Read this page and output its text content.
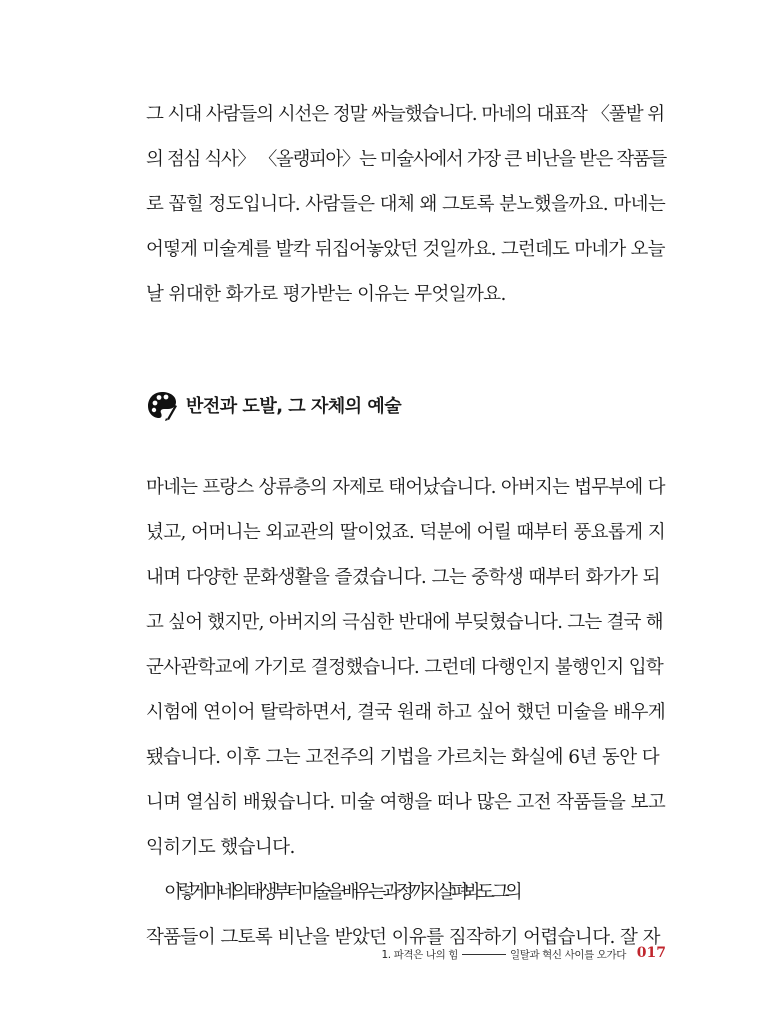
그 시대 사람들의 시선은 정말 싸늘했습니다. 마네의 대표작 〈풀밭 위
의 점심 식사〉 〈올랭피아〉는 미술사에서 가장 큰 비난을 받은 작품들
로 꼽힐 정도입니다. 사람들은 대체 왜 그토록 분노했을까요. 마네는
어떻게 미술계를 발칵 뒤집어놓았던 것일까요. 그런데도 마네가 오늘
날 위대한 화가로 평가받는 이유는 무엇일까요.

반전과 도발, 그 자체의 예술

마네는 프랑스 상류층의 자제로 태어났습니다. 아버지는 법무부에 다
녔고, 어머니는 외교관의 딸이었죠. 덕분에 어릴 때부터 풍요롭게 지
내며 다양한 문화생활을 즐겼습니다. 그는 중학생 때부터 화가가 되
고 싶어 했지만, 아버지의 극심한 반대에 부딪혔습니다. 그는 결국 해
군사관학교에 가기로 결정했습니다. 그런데 다행인지 불행인지 입학
시험에 연이어 탈락하면서, 결국 원래 하고 싶어 했던 미술을 배우게
됐습니다. 이후 그는 고전주의 기법을 가르치는 화실에 6년 동안 다
니며 열심히 배웠습니다. 미술 여행을 떠나 많은 고전 작품들을 보고
익히기도 했습니다.

이렇게 마네의 태생부터 미술을 배우는 과정까지 살펴봐도 그의
작품들이 그토록 비난을 받았던 이유를 짐작하기 어렵습니다. 잘 자

1. 파격은 나의 힘	일탈과 혁신 사이를 오가다 017
